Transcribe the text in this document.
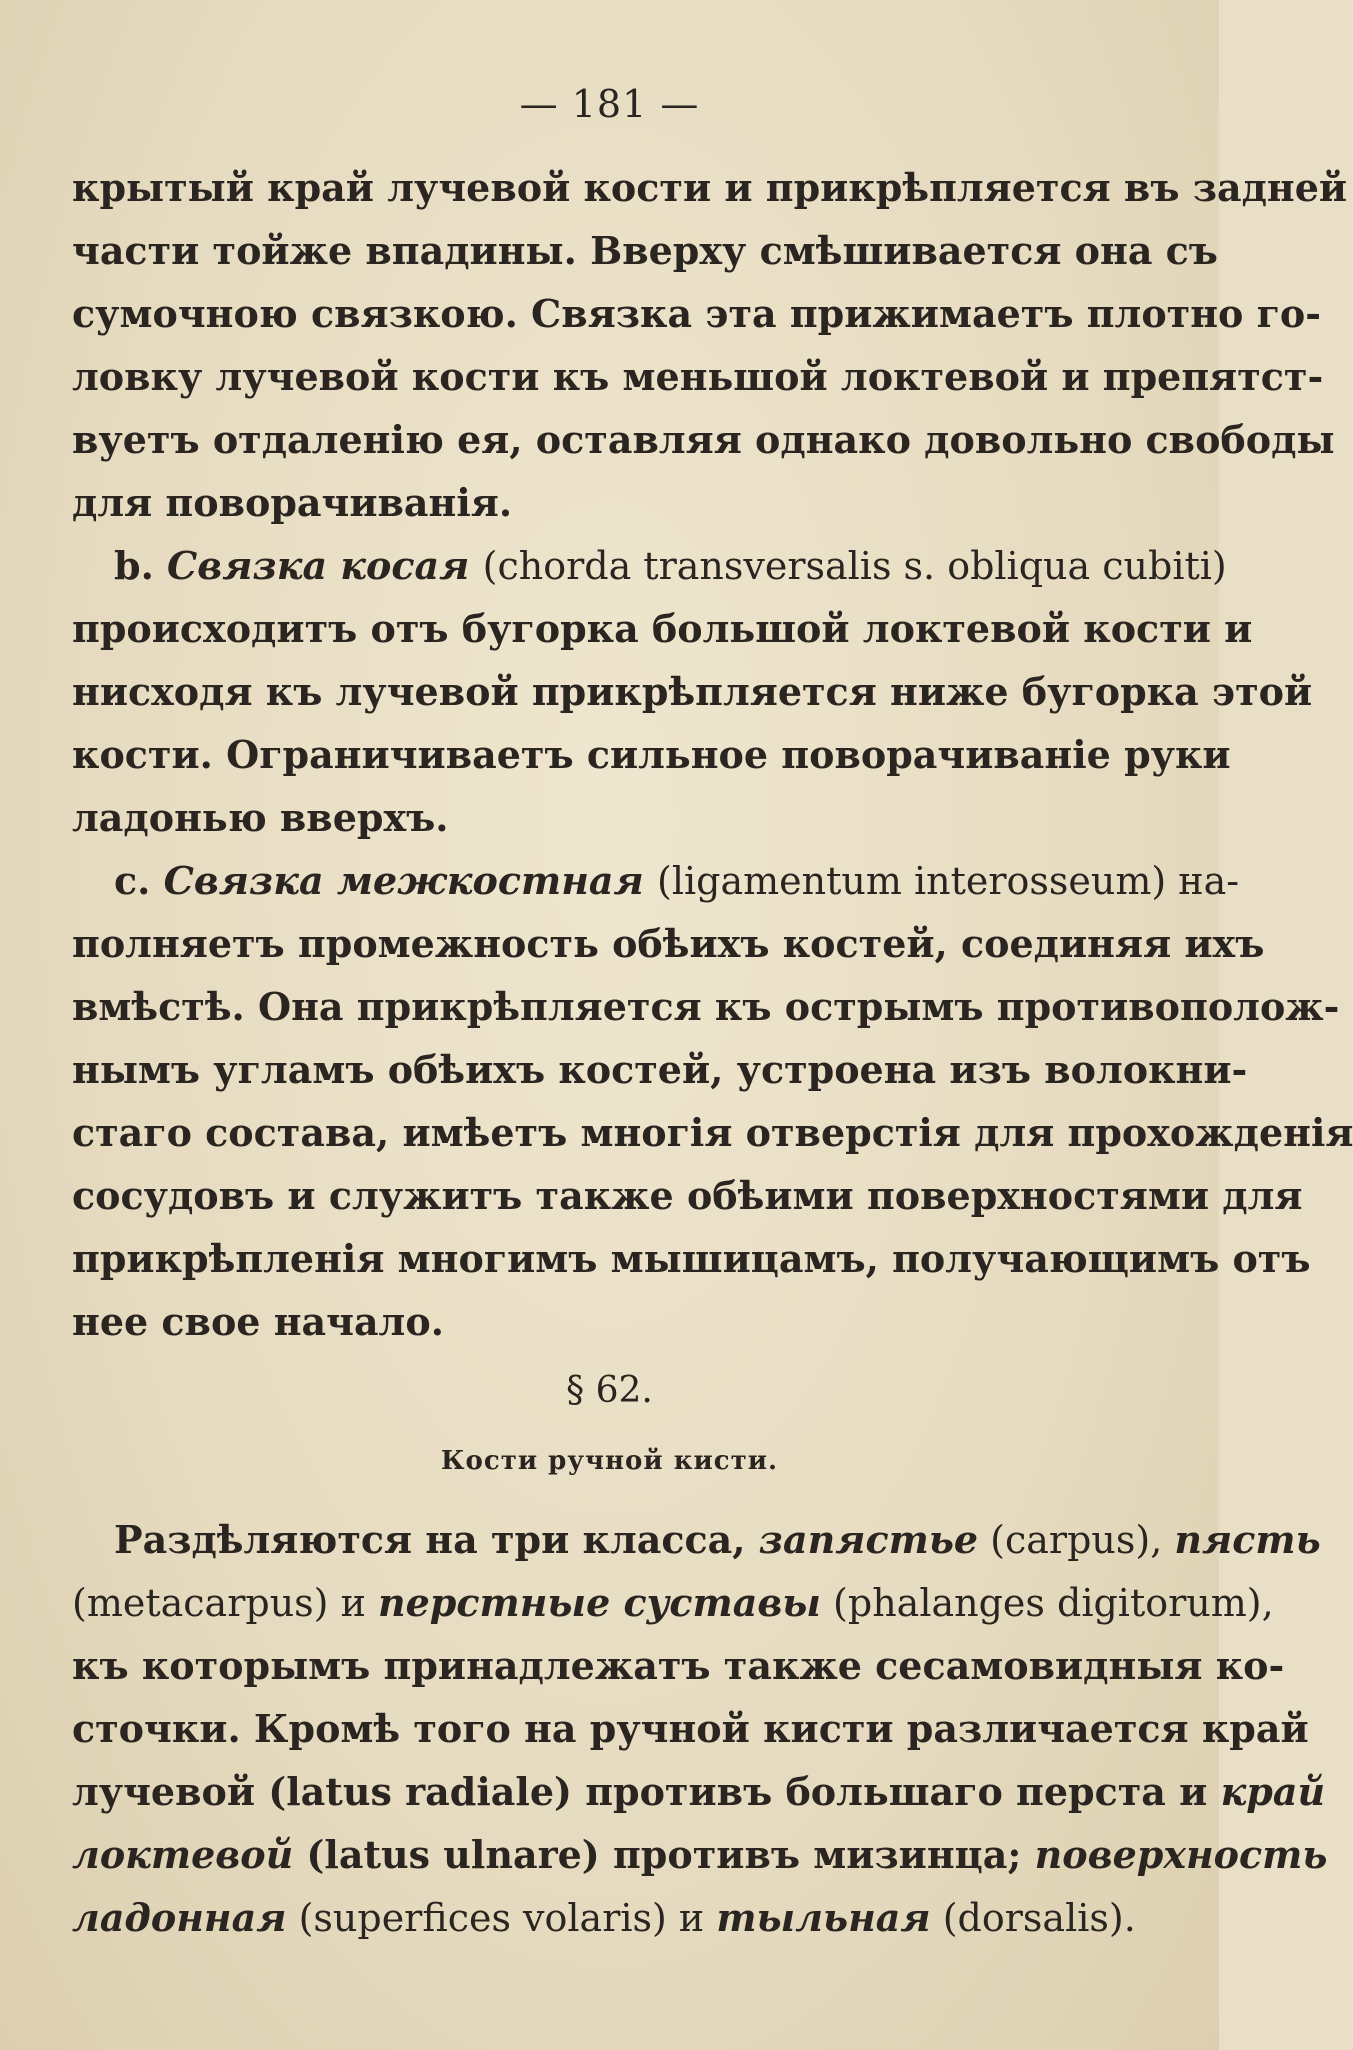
— 181 —
крытый край лучевой кости и прикрѣпляется въ задней
части тойже впадины. Вверху смѣшивается она съ
сумочною связкою. Связка эта прижимаетъ плотно го-
ловку лучевой кости къ меньшой локтевой и препятст-
вуетъ отдаленію ея, оставляя однако довольно свободы
для поворачиванія.
b. Связка косая (chorda transversalis s. obliqua cubiti)
происходитъ отъ бугорка большой локтевой кости и
нисходя къ лучевой прикрѣпляется ниже бугорка этой
кости. Ограничиваетъ сильное поворачиваніе руки
ладонью вверхъ.
c. Связка межкостная (ligamentum interosseum) на-
полняетъ промежность обѣихъ костей, соединяя ихъ
вмѣстѣ. Она прикрѣпляется къ острымъ противополож-
нымъ угламъ обѣихъ костей, устроена изъ волокни-
стаго состава, имѣетъ многія отверстія для прохожденія
сосудовъ и служитъ также обѣими поверхностями для
прикрѣпленія многимъ мышицамъ, получающимъ отъ
нее свое начало.
§ 62.
Кости ручной кисти.
Раздѣляются на три класса, запястье (carpus), пясть
(metacarpus) и перстные суставы (phalanges digitorum),
къ которымъ принадлежатъ также сесамовидныя ко-
сточки. Кромѣ того на ручной кисти различается край
лучевой (latus radiale) противъ большаго перста и край
локтевой (latus ulnare) противъ мизинца; поверхность
ладонная (superfices volaris) и тыльная (dorsalis).
